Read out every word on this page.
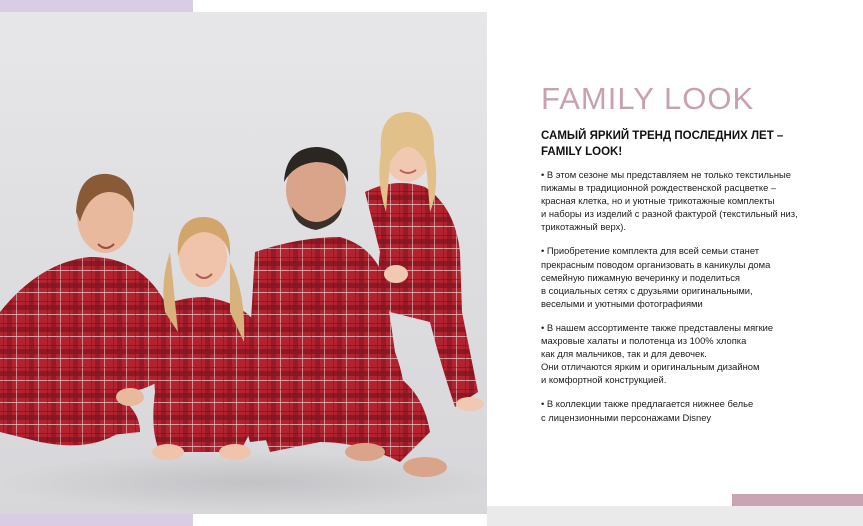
FAMILY LOOK
САМЫЙ ЯРКИЙ ТРЕНД ПОСЛЕДНИХ ЛЕТ –
FAMILY LOOK!

• В этом сезоне мы представляем не только текстильные
пижамы в традиционной рождественской расцветке –
красная клетка, но и уютные трикотажные комплекты
и наборы из изделий с разной фактурой (текстильный низ,
трикотажный верх).

• Приобретение комплекта для всей семьи станет
прекрасным поводом организовать в каникулы дома
семейную пижамную вечеринку и поделиться
в социальных сетях с друзьями оригинальными,
веселыми и уютными фотографиями

• В нашем ассортименте также представлены мягкие
махровые халаты и полотенца из 100% хлопка
как для мальчиков, так и для девочек.
Они отличаются ярким и оригинальным дизайном
и комфортной конструкцией.

• В коллекции также предлагается нижнее белье
с лицензионными персонажами Disney
